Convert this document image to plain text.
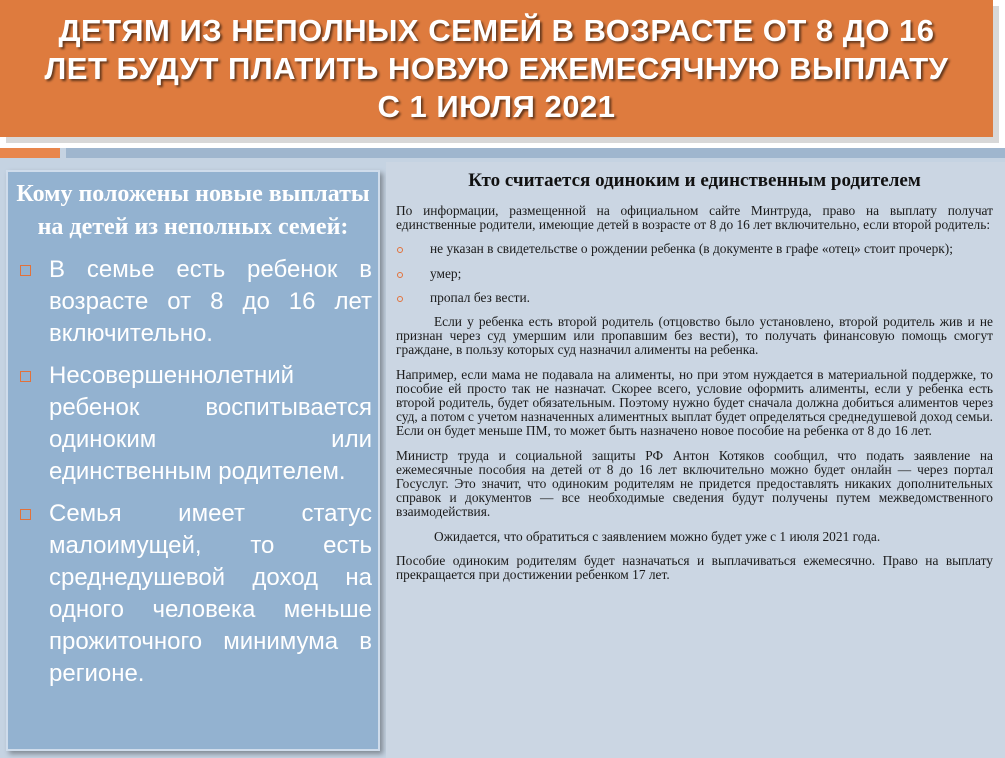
ДЕТЯМ ИЗ НЕПОЛНЫХ СЕМЕЙ В ВОЗРАСТЕ ОТ 8 ДО 16 ЛЕТ БУДУТ ПЛАТИТЬ НОВУЮ ЕЖЕМЕСЯЧНУЮ ВЫПЛАТУ С 1 ИЮЛЯ 2021
Кому положены новые выплаты на детей из неполных семей:
В семье есть ребенок в возрасте от 8 до 16 лет включительно.
Несовершеннолетний ребенок воспитывается одиноким или единственным родителем.
Семья имеет статус малоимущей, то есть среднедушевой доход на одного человека меньше прожиточного минимума в регионе.
Кто считается одиноким и единственным родителем

По информации, размещенной на официальном сайте Минтруда, право на выплату получат единственные родители, имеющие детей в возрасте от 8 до 16 лет включительно, если второй родитель:

не указан в свидетельстве о рождении ребенка (в документе в графе «отец» стоит прочерк);
умер;
пропал без вести.

Если у ребенка есть второй родитель (отцовство было установлено, второй родитель жив и не признан через суд умершим или пропавшим без вести), то получать финансовую помощь смогут граждане, в пользу которых суд назначил алименты на ребенка.

Например, если мама не подавала на алименты, но при этом нуждается в материальной поддержке, то пособие ей просто так не назначат. Скорее всего, условие оформить алименты, если у ребенка есть второй родитель, будет обязательным. Поэтому нужно будет сначала должна добиться алиментов через суд, а потом с учетом назначенных алиментных выплат будет определяться среднедушевой доход семьи. Если он будет меньше ПМ, то может быть назначено новое пособие на ребенка от 8 до 16 лет.

Министр труда и социальной защиты РФ Антон Котяков сообщил, что подать заявление на ежемесячные пособия на детей от 8 до 16 лет включительно можно будет онлайн — через портал Госуслуг. Это значит, что одиноким родителям не придется предоставлять никаких дополнительных справок и документов — все необходимые сведения будут получены путем межведомственного взаимодействия.

Ожидается, что обратиться с заявлением можно будет уже с 1 июля 2021 года.

Пособие одиноким родителям будет назначаться и выплачиваться ежемесячно. Право на выплату прекращается при достижении ребенком 17 лет.
